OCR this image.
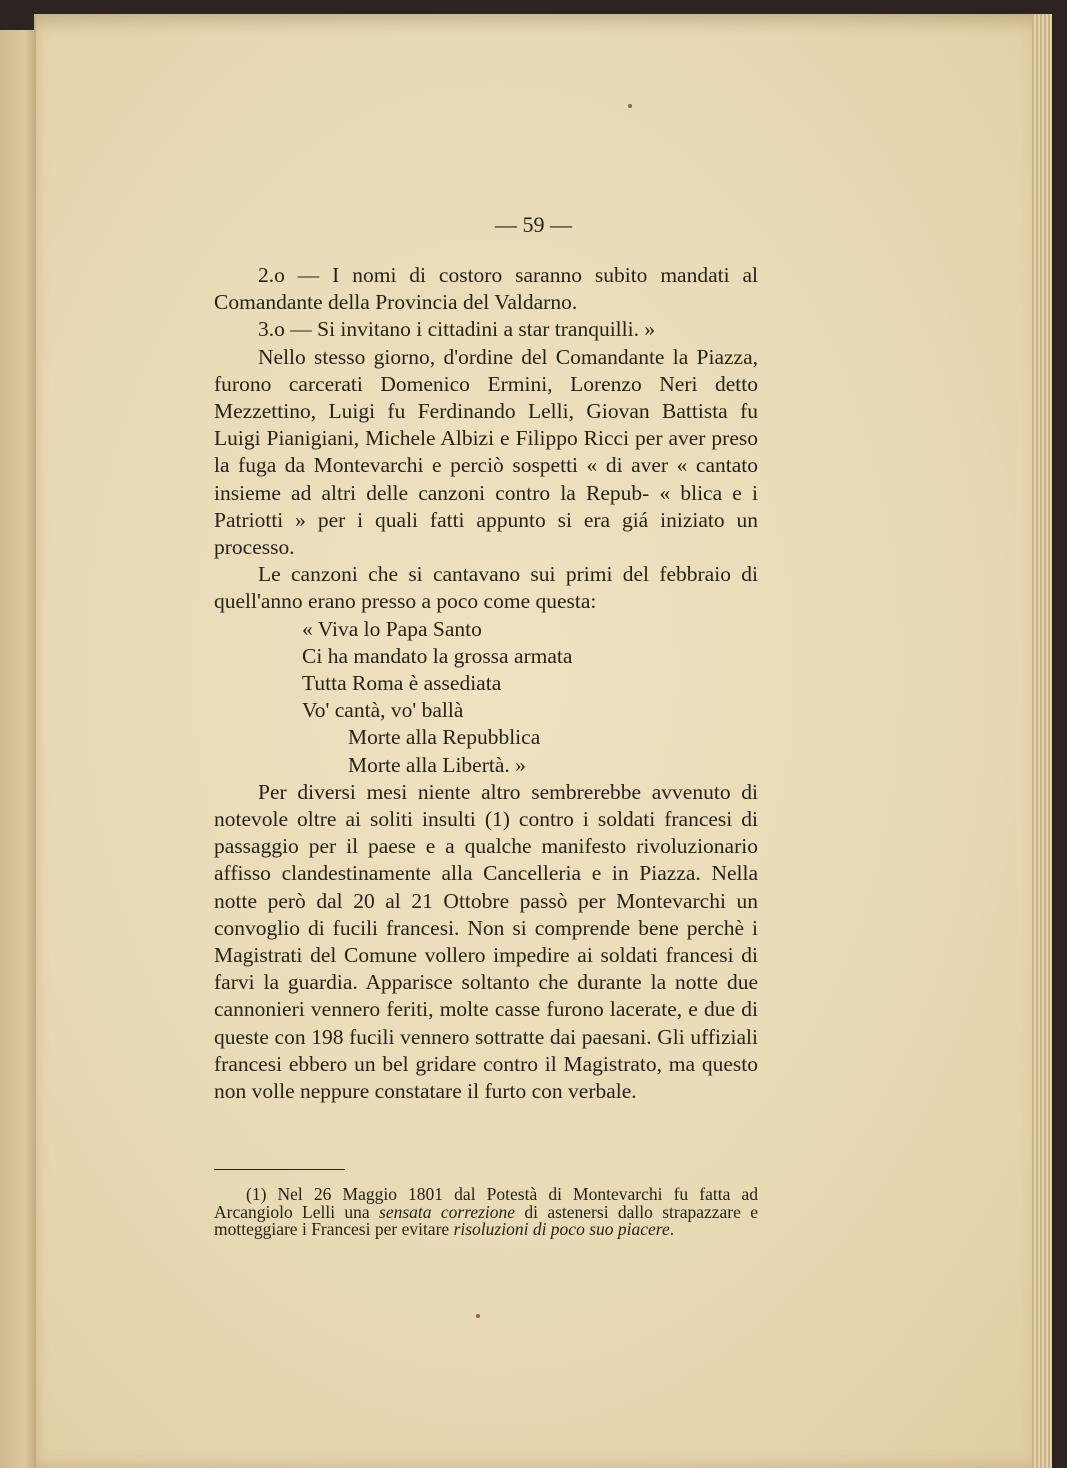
— 59 —

2.o — I nomi di costoro saranno subito mandati al Comandante della Provincia del Valdarno.

3.o — Si invitano i cittadini a star tranquilli. »

Nello stesso giorno, d'ordine del Comandante la Piazza, furono carcerati Domenico Ermini, Lorenzo Neri detto Mezzettino, Luigi fu Ferdinando Lelli, Giovan Battista fu Luigi Pianigiani, Michele Albizi e Filippo Ricci per aver preso la fuga da Montevarchi e perciò sospetti « di aver « cantato insieme ad altri delle canzoni contro la Repub- « blica e i Patriotti » per i quali fatti appunto si era giá iniziato un processo.

Le canzoni che si cantavano sui primi del febbraio di quell'anno erano presso a poco come questa:

« Viva lo Papa Santo
Ci ha mandato la grossa armata
Tutta Roma è assediata
Vo' cantà, vo' ballà
Morte alla Repubblica
Morte alla Libertà. »

Per diversi mesi niente altro sembrerebbe avvenuto di notevole oltre ai soliti insulti (1) contro i soldati francesi di passaggio per il paese e a qualche manifesto rivoluzionario affisso clandestinamente alla Cancelleria e in Piazza. Nella notte però dal 20 al 21 Ottobre passò per Montevarchi un convoglio di fucili francesi. Non si comprende bene perchè i Magistrati del Comune vollero impedire ai soldati francesi di farvi la guardia. Apparisce soltanto che durante la notte due cannonieri vennero feriti, molte casse furono lacerate, e due di queste con 198 fucili vennero sottratte dai paesani. Gli uffiziali francesi ebbero un bel gridare contro il Magistrato, ma questo non volle neppure constatare il furto con verbale.

(1) Nel 26 Maggio 1801 dal Potestà di Montevarchi fu fatta ad Arcangiolo Lelli una sensata correzione di astenersi dallo strapazzare e motteggiare i Francesi per evitare risoluzioni di poco suo piacere.
